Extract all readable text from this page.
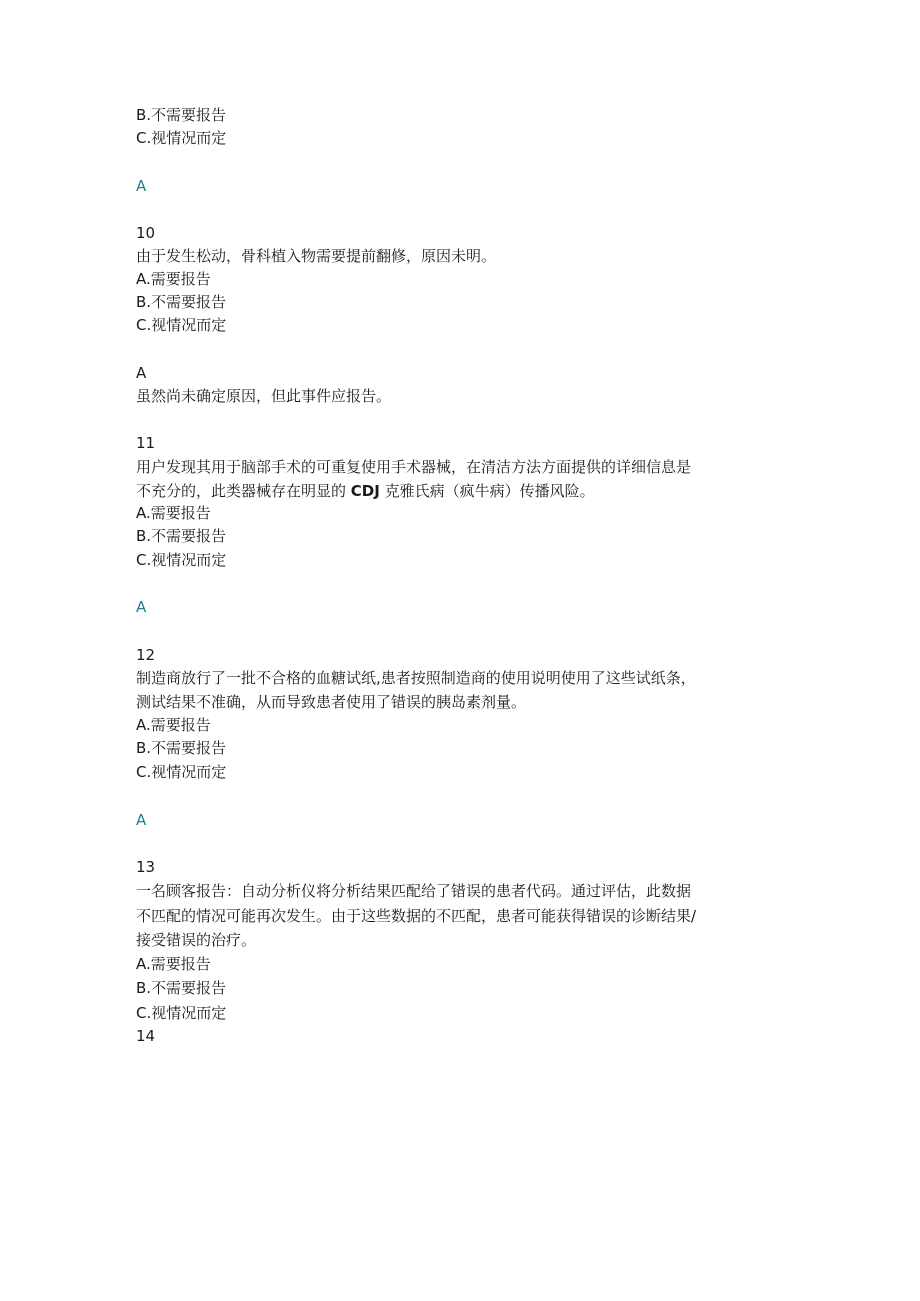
B.不需要报告
C.视情况而定
A
10
由于发生松动，骨科植入物需要提前翻修，原因未明。
A.需要报告
B.不需要报告
C.视情况而定
A
虽然尚未确定原因，但此事件应报告。
11
用户发现其用于脑部手术的可重复使用手术器械，在清洁方法方面提供的详细信息是
不充分的，此类器械存在明显的 CDJ 克雅氏病（疯牛病）传播风险。
A.需要报告
B.不需要报告
C.视情况而定
A
12
制造商放行了一批不合格的血糖试纸,患者按照制造商的使用说明使用了这些试纸条，
测试结果不准确，从而导致患者使用了错误的胰岛素剂量。
A.需要报告
B.不需要报告
C.视情况而定
A
13
一名顾客报告：自动分析仪将分析结果匹配给了错误的患者代码。通过评估，此数据
不匹配的情况可能再次发生。由于这些数据的不匹配，患者可能获得错误的诊断结果/
接受错误的治疗。
A.需要报告
B.不需要报告
C.视情况而定
14
